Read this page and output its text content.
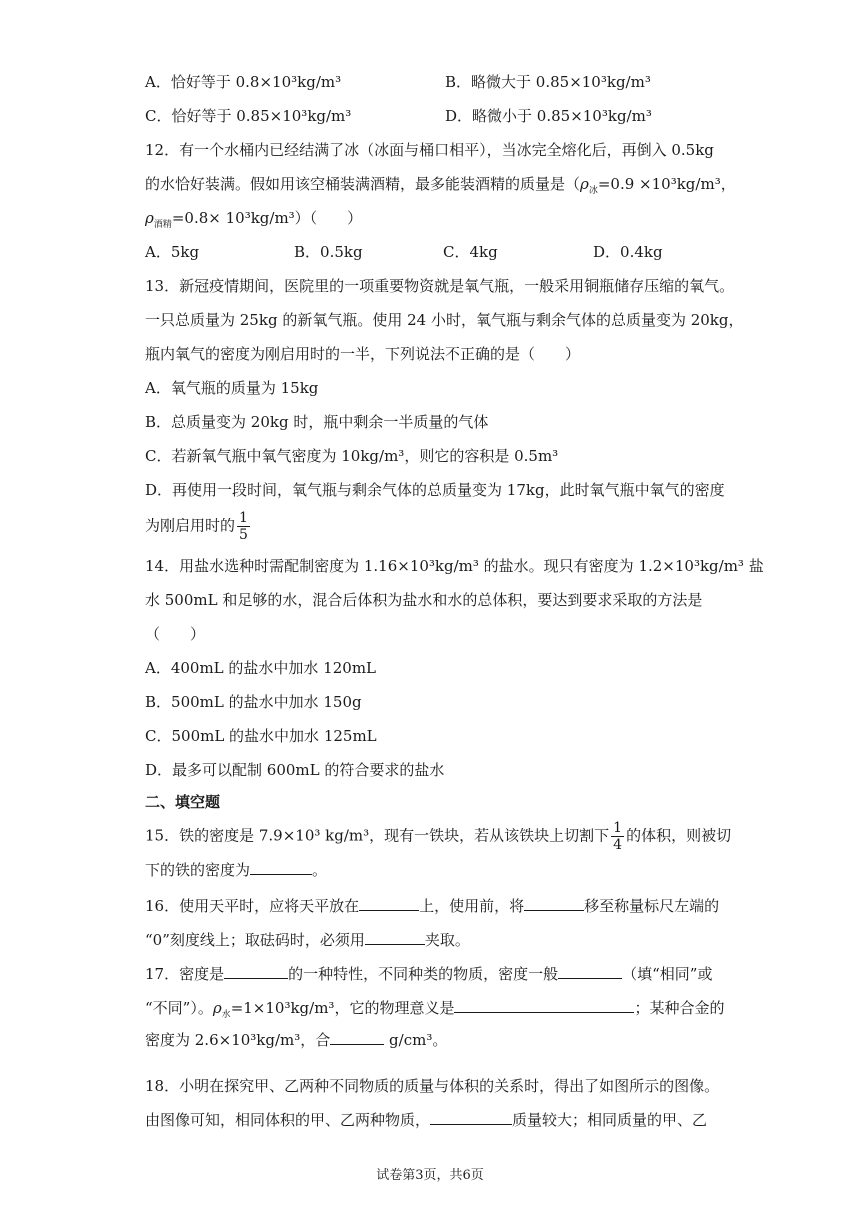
A．恰好等于 0.8×10³kg/m³	B．略微大于 0.85×10³kg/m³
C．恰好等于 0.85×10³kg/m³	D．略微小于 0.85×10³kg/m³
12．有一个水桶内已经结满了冰（冰面与桶口相平），当冰完全熔化后，再倒入 0.5kg
的水恰好装满。假如用该空桶装满酒精，最多能装酒精的质量是（$\rho_冰=0.9 \times 10^3kg/m^3$，
$\rho_{酒精}=0.8\times 10^3kg/m^3$）（　　）
A．5kg	B．0.5kg	C．4kg	D．0.4kg
13．新冠疫情期间，医院里的一项重要物资就是氧气瓶，一般采用铜瓶储存压缩的氧气。
一只总质量为 25kg 的新氧气瓶。使用 24 小时，氧气瓶与剩余气体的总质量变为 20kg，
瓶内氧气的密度为刚启用时的一半，下列说法不正确的是（　　）
A．氧气瓶的质量为 15kg
B．总质量变为 20kg 时，瓶中剩余一半质量的气体
C．若新氧气瓶中氧气密度为 10kg/m³，则它的容积是 0.5m³
D．再使用一段时间，氧气瓶与剩余气体的总质量变为 17kg，此时氧气瓶中氧气的密度
为刚启用时的 $\frac{1}{5}$
14．用盐水选种时需配制密度为 1.16×10³kg/m³ 的盐水。现只有密度为 1.2×10³kg/m³ 盐
水 500mL 和足够的水，混合后体积为盐水和水的总体积，要达到要求采取的方法是
（　　）
A．400mL 的盐水中加水 120mL
B．500mL 的盐水中加水 150g
C．500mL 的盐水中加水 125mL
D．最多可以配制 600mL 的符合要求的盐水
二、填空题
15．铁的密度是 7.9×10³ kg/m³，现有一铁块，若从该铁块上切割下 $\frac{1}{4}$ 的体积，则被切
下的铁的密度为	。
16．使用天平时，应将天平放在	上，使用前，将	移至称量标尺左端的
“0”刻度线上；取砝码时，必须用	夹取。
17．密度是	的一种特性，不同种类的物质，密度一般	（填“相同”或
“不同”）。$\rho_水=1\times 10^3kg/m^3$，它的物理意义是	；某种合金的
密度为 2.6×10³kg/m³，合	g/cm³。
18．小明在探究甲、乙两种不同物质的质量与体积的关系时，得出了如图所示的图像。
由图像可知，相同体积的甲、乙两种物质，	质量较大；相同质量的甲、乙
试卷第3页，共6页
